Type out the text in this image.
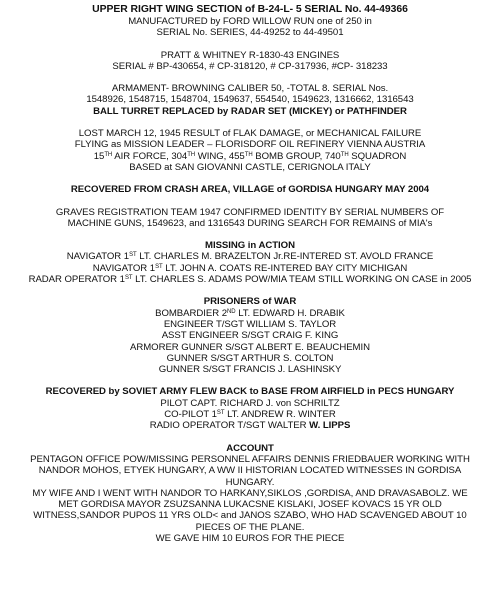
UPPER RIGHT WING SECTION of B-24-L- 5 SERIAL No. 44-49366
MANUFACTURED by FORD WILLOW RUN one of 250 in
SERIAL No. SERIES, 44-49252 to 44-49501
PRATT & WHITNEY R-1830-43 ENGINES
SERIAL # BP-430654, # CP-318120, # CP-317936, #CP- 318233
ARMAMENT- BROWNING CALIBER 50, -TOTAL 8. SERIAL Nos.
1548926, 1548715, 1548704, 1549637, 554540, 1549623, 1316662, 1316543
BALL TURRET REPLACED by RADAR SET (MICKEY) or PATHFINDER
LOST MARCH 12, 1945 RESULT of FLAK DAMAGE, or MECHANICAL FAILURE
FLYING as MISSION LEADER – FLORISDORF OIL REFINERY VIENNA AUSTRIA
15TH AIR FORCE, 304TH WING, 455TH BOMB GROUP, 740TH SQUADRON
BASED at SAN GIOVANNI CASTLE, CERIGNOLA ITALY
RECOVERED FROM CRASH AREA, VILLAGE of GORDISA HUNGARY MAY 2004
GRAVES REGISTRATION TEAM 1947 CONFIRMED IDENTITY BY SERIAL NUMBERS OF
MACHINE GUNS, 1549623, and 1316543 DURING SEARCH FOR REMAINS of MIA's
MISSING in ACTION
NAVIGATOR 1ST LT. CHARLES M. BRAZELTON Jr.RE-INTERED ST. AVOLD FRANCE
NAVIGATOR 1ST LT. JOHN A. COATS RE-INTERED BAY CITY MICHIGAN
RADAR OPERATOR 1ST LT. CHARLES S. ADAMS POW/MIA TEAM STILL WORKING ON CASE in 2005
PRISONERS of WAR
BOMBARDIER 2ND LT. EDWARD H. DRABIK
ENGINEER T/SGT WILLIAM S. TAYLOR
ASST ENGINEER S/SGT CRAIG F. KING
ARMORER GUNNER S/SGT ALBERT E. BEAUCHEMIN
GUNNER S/SGT ARTHUR S. COLTON
GUNNER S/SGT FRANCIS J. LASHINSKY
RECOVERED by SOVIET ARMY FLEW BACK to BASE FROM AIRFIELD in PECS HUNGARY
PILOT CAPT. RICHARD J. von SCHRILTZ
CO-PILOT 1ST LT. ANDREW R. WINTER
RADIO OPERATOR T/SGT WALTER W. LIPPS
ACCOUNT
PENTAGON OFFICE POW/MISSING PERSONNEL AFFAIRS DENNIS FRIEDBAUER WORKING WITH
NANDOR MOHOS, ETYEK HUNGARY, A WW II HISTORIAN LOCATED WITNESSES IN GORDISA
HUNGARY.
MY WIFE AND I WENT WITH NANDOR TO HARKANY,SIKLOS ,GORDISA, AND DRAVASABOLZ. WE
MET GORDISA MAYOR ZSUZSANNA LUKACSNE KISLAKI, JOSEF KOVACS 15 YR OLD
WITNESS,SANDOR PUPOS 11 YRS OLD< and JANOS SZABO, WHO HAD SCAVENGED ABOUT 10
PIECES OF THE PLANE.
WE GAVE HIM 10 EUROS FOR THE PIECE
